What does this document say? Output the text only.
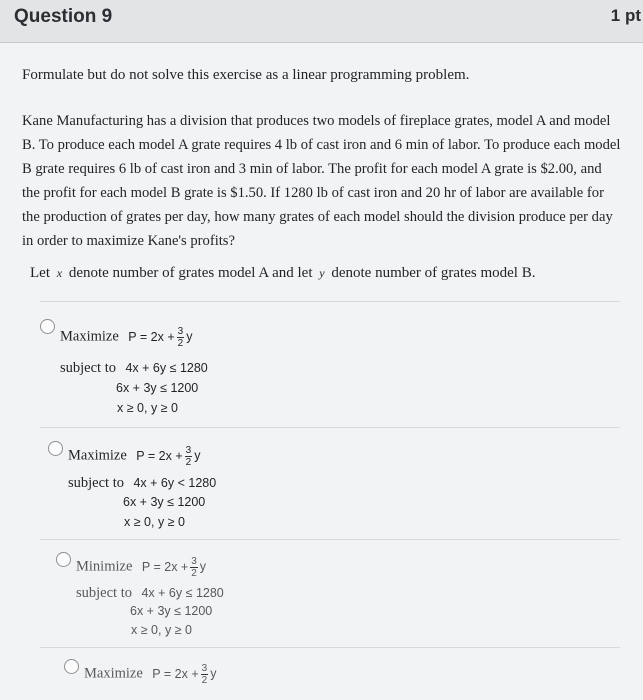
Question 9	1 pt
Formulate but do not solve this exercise as a linear programming problem.
Kane Manufacturing has a division that produces two models of fireplace grates, model A and model B. To produce each model A grate requires 4 lb of cast iron and 6 min of labor. To produce each model B grate requires 6 lb of cast iron and 3 min of labor. The profit for each model A grate is $2.00, and the profit for each model B grate is $1.50. If 1280 lb of cast iron and 20 hr of labor are available for the production of grates per day, how many grates of each model should the division produce per day in order to maximize Kane's profits?
Let x denote number of grates model A and let y denote number of grates model B.
Maximize $P = 2x + \frac{3}{2}$ y
subject to 4x + 6y ≤ 1280
6x + 3y ≤ 1200
x ≥ 0, y ≥ 0
Maximize $P = 2x + \frac{3}{2}$ y
subject to 4x + 6y < 1280
6x + 3y ≤ 1200
x ≥ 0, y ≥ 0
Minimize $P = 2x + \frac{3}{2}$ y
subject to 4x + 6y ≤ 1280
6x + 3y ≤ 1200
x ≥ 0, y ≥ 0
Maximize $P = 2x + \frac{3}{2}$ y
